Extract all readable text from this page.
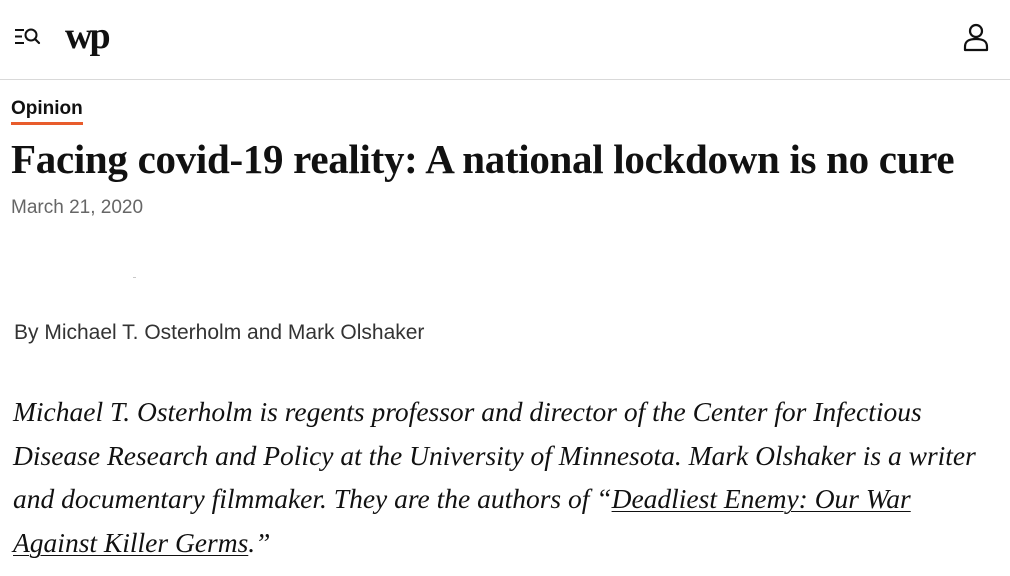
wp
Opinion
Facing covid-19 reality: A national lockdown is no cure
March 21, 2020
By Michael T. Osterholm and Mark Olshaker

Michael T. Osterholm is regents professor and director of the Center for Infectious Disease Research and Policy at the University of Minnesota. Mark Olshaker is a writer and documentary filmmaker. They are the authors of “Deadliest Enemy: Our War Against Killer Germs.”
